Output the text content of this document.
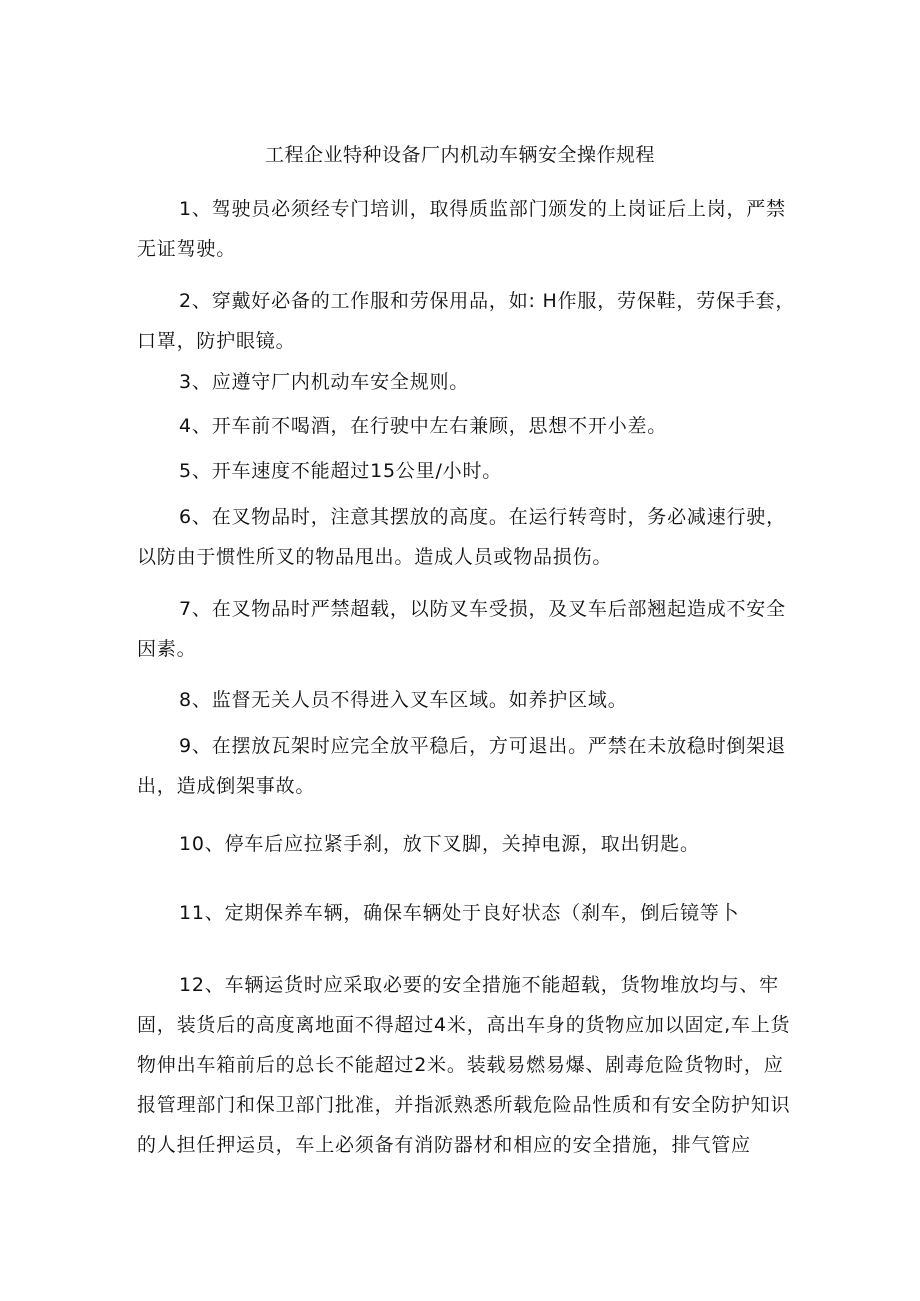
工程企业特种设备厂内机动车辆安全操作规程

1、驾驶员必须经专门培训，取得质监部门颁发的上岗证后上岗，严禁无证驾驶。

2、穿戴好必备的工作服和劳保用品，如: H作服，劳保鞋，劳保手套，口罩，防护眼镜。

3、应遵守厂内机动车安全规则。

4、开车前不喝酒，在行驶中左右兼顾，思想不开小差。

5、开车速度不能超过15公里/小时。

6、在叉物品时，注意其摆放的高度。在运行转弯时，务必减速行驶，以防由于惯性所叉的物品甩出。造成人员或物品损伤。

7、在叉物品时严禁超载，以防叉车受损，及叉车后部翘起造成不安全因素。

8、监督无关人员不得进入叉车区域。如养护区域。

9、在摆放瓦架时应完全放平稳后，方可退出。严禁在未放稳时倒架退出，造成倒架事故。

10、停车后应拉紧手刹，放下叉脚，关掉电源，取出钥匙。

11、定期保养车辆，确保车辆处于良好状态（刹车，倒后镜等卜

12、车辆运货时应采取必要的安全措施不能超载，货物堆放均与、牢固，装货后的高度离地面不得超过4米，高出车身的货物应加以固定,车上货物伸出车箱前后的总长不能超过2米。装载易燃易爆、剧毒危险货物时，应报管理部门和保卫部门批准，并指派熟悉所载危险品性质和有安全防护知识的人担任押运员，车上必须备有消防器材和相应的安全措施，排气管应
